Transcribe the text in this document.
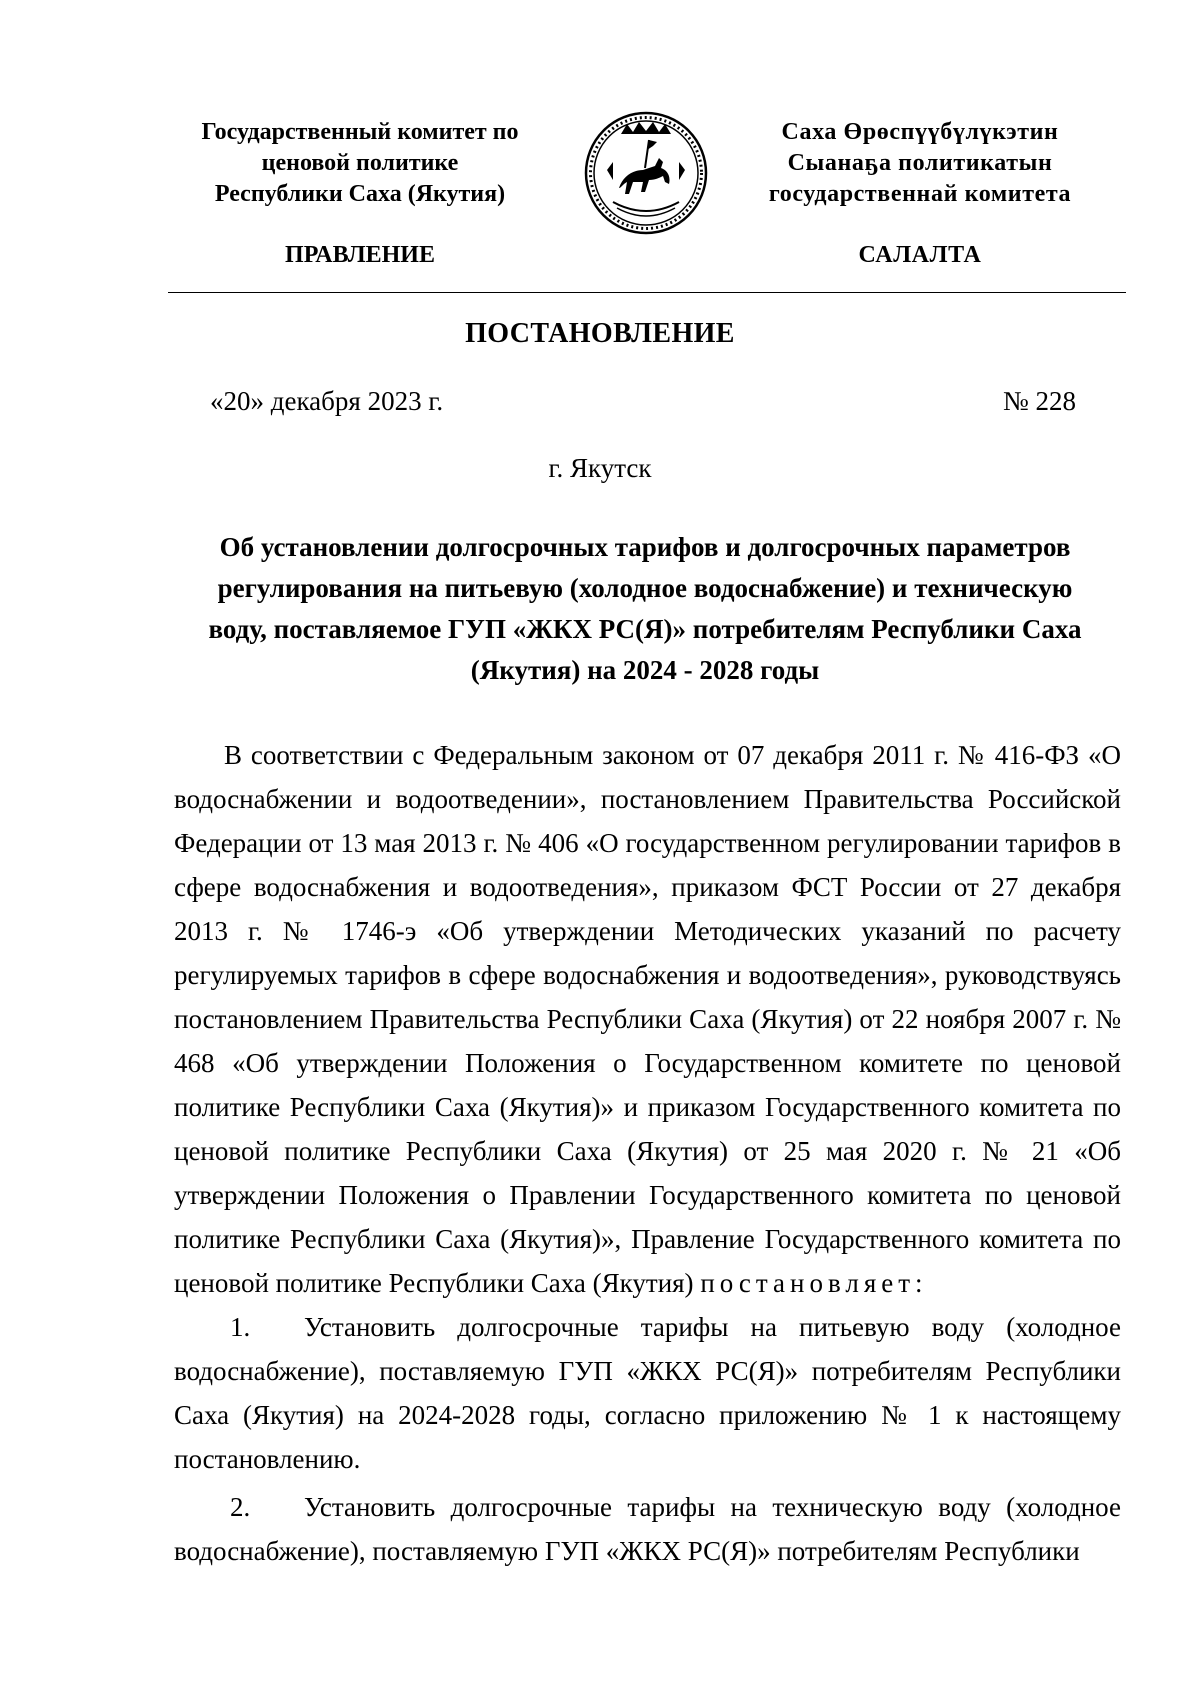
Государственный комитет по
ценовой политике
Республики Саха (Якутия)
ПРАВЛЕНИЕ
Саха Өрөспүүбүлүкэтин
Сыанаҕа политикатын
государственнай комитета
САЛАЛТА
ПОСТАНОВЛЕНИЕ
«20» декабря 2023 г.	№ 228
г. Якутск
Об установлении долгосрочных тарифов и долгосрочных параметров
регулирования на питьевую (холодное водоснабжение) и техническую
воду, поставляемое ГУП «ЖКХ РС(Я)» потребителям Республики Саха
(Якутия) на 2024 - 2028 годы

В соответствии с Федеральным законом от 07 декабря 2011 г. № 416-ФЗ «О водоснабжении и водоотведении», постановлением Правительства Российской Федерации от 13 мая 2013 г. № 406 «О государственном регулировании тарифов в сфере водоснабжения и водоотведения», приказом ФСТ России от 27 декабря 2013 г. № 1746-э «Об утверждении Методических указаний по расчету регулируемых тарифов в сфере водоснабжения и водоотведения», руководствуясь постановлением Правительства Республики Саха (Якутия) от 22 ноября 2007 г. № 468 «Об утверждении Положения о Государственном комитете по ценовой политике Республики Саха (Якутия)» и приказом Государственного комитета по ценовой политике Республики Саха (Якутия) от 25 мая 2020 г. № 21 «Об утверждении Положения о Правлении Государственного комитета по ценовой политике Республики Саха (Якутия)», Правление Государственного комитета по ценовой политике Республики Саха (Якутия) постановляет:

1. Установить долгосрочные тарифы на питьевую воду (холодное водоснабжение), поставляемую ГУП «ЖКХ РС(Я)» потребителям Республики Саха (Якутия) на 2024-2028 годы, согласно приложению № 1 к настоящему постановлению.

2. Установить долгосрочные тарифы на техническую воду (холодное водоснабжение), поставляемую ГУП «ЖКХ РС(Я)» потребителям Республики
